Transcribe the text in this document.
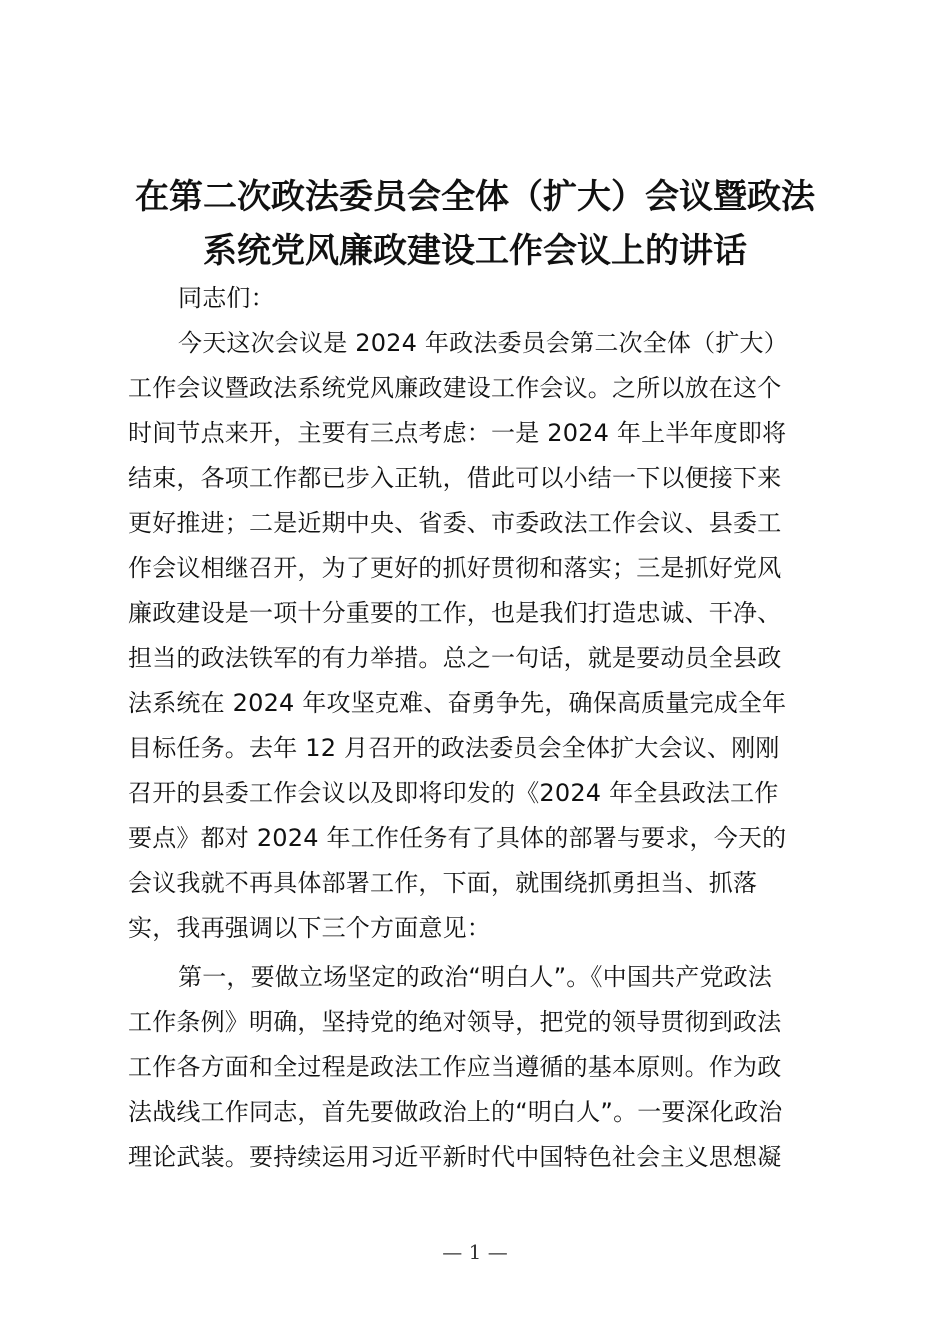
在第二次政法委员会全体（扩大）会议暨政法
系统党风廉政建设工作会议上的讲话

同志们：

今天这次会议是 2024 年政法委员会第二次全体（扩大）
工作会议暨政法系统党风廉政建设工作会议。之所以放在这个
时间节点来开，主要有三点考虑：一是 2024 年上半年度即将
结束，各项工作都已步入正轨，借此可以小结一下以便接下来
更好推进；二是近期中央、省委、市委政法工作会议、县委工
作会议相继召开，为了更好的抓好贯彻和落实；三是抓好党风
廉政建设是一项十分重要的工作，也是我们打造忠诚、干净、
担当的政法铁军的有力举措。总之一句话，就是要动员全县政
法系统在 2024 年攻坚克难、奋勇争先，确保高质量完成全年
目标任务。去年 12 月召开的政法委员会全体扩大会议、刚刚
召开的县委工作会议以及即将印发的《2024 年全县政法工作
要点》都对 2024 年工作任务有了具体的部署与要求，今天的
会议我就不再具体部署工作，下面，就围绕抓勇担当、抓落
实，我再强调以下三个方面意见：

第一，要做立场坚定的政治“明白人”。《中国共产党政法
工作条例》明确，坚持党的绝对领导，把党的领导贯彻到政法
工作各方面和全过程是政法工作应当遵循的基本原则。作为政
法战线工作同志，首先要做政治上的“明白人”。一要深化政治
理论武装。要持续运用习近平新时代中国特色社会主义思想凝

— 1 —
